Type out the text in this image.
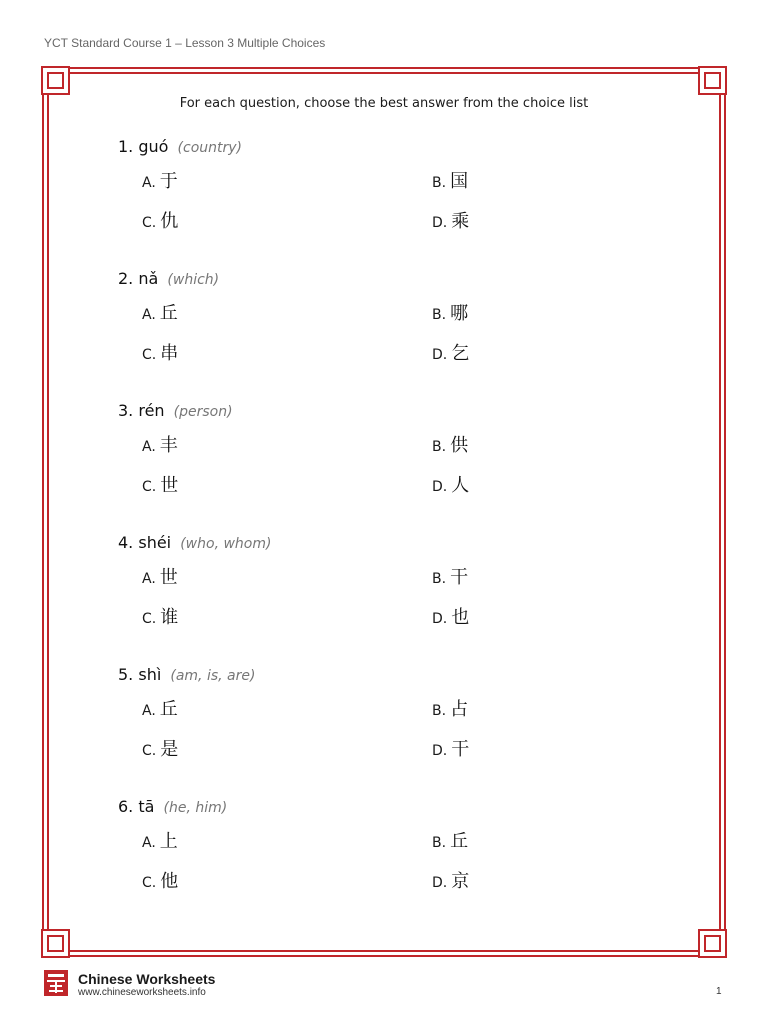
YCT Standard Course 1 – Lesson 3 Multiple Choices
For each question, choose the best answer from the choice list
1. guó (country)
A. 于	B. 国
C. 仇	D. 乘
2. nǎ (which)
A. 丘	B. 哪
C. 串	D. 乞
3. rén (person)
A. 丰	B. 供
C. 世	D. 人
4. shéi (who, whom)
A. 世	B. 干
C. 谁	D. 也
5. shì (am, is, are)
A. 丘	B. 占
C. 是	D. 干
6. tā (he, him)
A. 上	B. 丘
C. 他	D. 京
Chinese Worksheets
www.chineseworksheets.info	1
